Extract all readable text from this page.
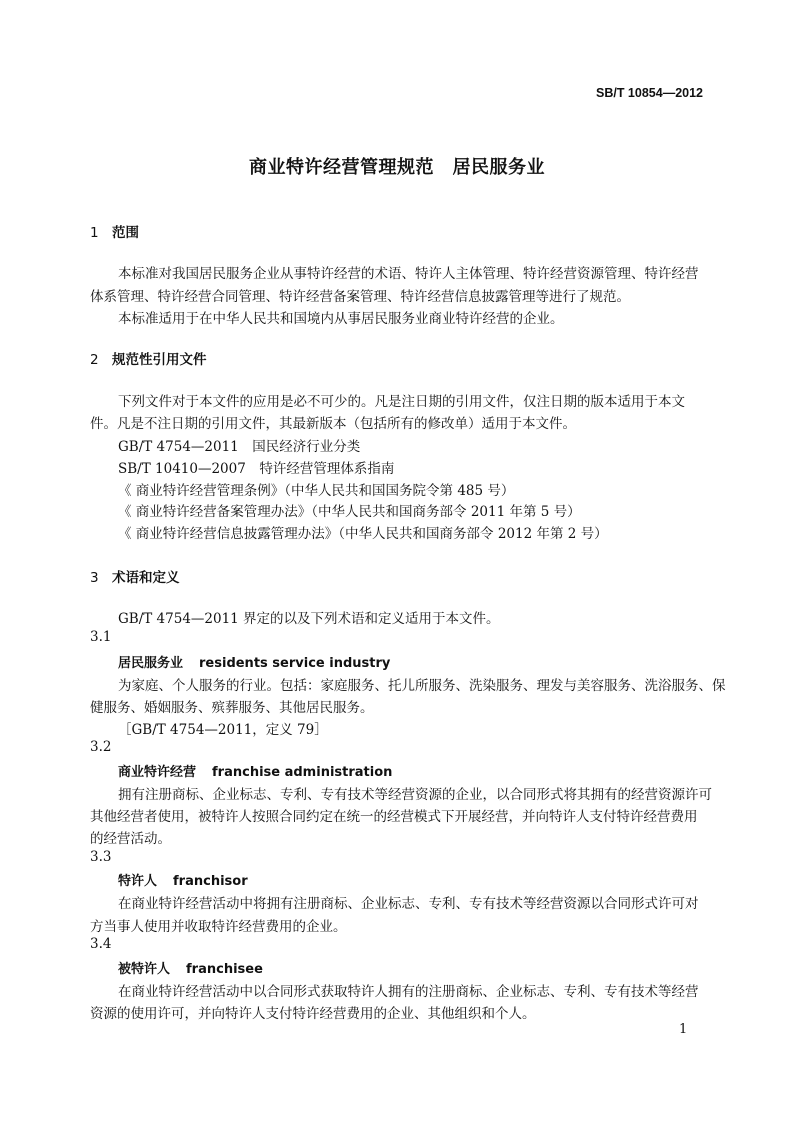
SB/T 10854—2012
商业特许经营管理规范　居民服务业
1 范围
本标准对我国居民服务企业从事特许经营的术语、特许人主体管理、特许经营资源管理、特许经营
体系管理、特许经营合同管理、特许经营备案管理、特许经营信息披露管理等进行了规范。
本标准适用于在中华人民共和国境内从事居民服务业商业特许经营的企业。
2 规范性引用文件
下列文件对于本文件的应用是必不可少的。凡是注日期的引用文件，仅注日期的版本适用于本文
件。凡是不注日期的引用文件，其最新版本（包括所有的修改单）适用于本文件。
GB/T 4754—2011　国民经济行业分类
SB/T 10410—2007　特许经营管理体系指南
《 商业特许经营管理条例》（中华人民共和国国务院令第 485 号）
《 商业特许经营备案管理办法》（中华人民共和国商务部令 2011 年第 5 号）
《 商业特许经营信息披露管理办法》（中华人民共和国商务部令 2012 年第 2 号）
3 术语和定义
GB/T 4754—2011 界定的以及下列术语和定义适用于本文件。
3.1
居民服务业 residents service industry
为家庭、个人服务的行业。包括：家庭服务、托儿所服务、洗染服务、理发与美容服务、洗浴服务、保
健服务、婚姻服务、殡葬服务、其他居民服务。
［GB/T 4754—2011，定义 79］
3.2
商业特许经营 franchise administration
拥有注册商标、企业标志、专利、专有技术等经营资源的企业，以合同形式将其拥有的经营资源许可
其他经营者使用，被特许人按照合同约定在统一的经营模式下开展经营，并向特许人支付特许经营费用
的经营活动。
3.3
特许人 franchisor
在商业特许经营活动中将拥有注册商标、企业标志、专利、专有技术等经营资源以合同形式许可对
方当事人使用并收取特许经营费用的企业。
3.4
被特许人 franchisee
在商业特许经营活动中以合同形式获取特许人拥有的注册商标、企业标志、专利、专有技术等经营
资源的使用许可，并向特许人支付特许经营费用的企业、其他组织和个人。
1
